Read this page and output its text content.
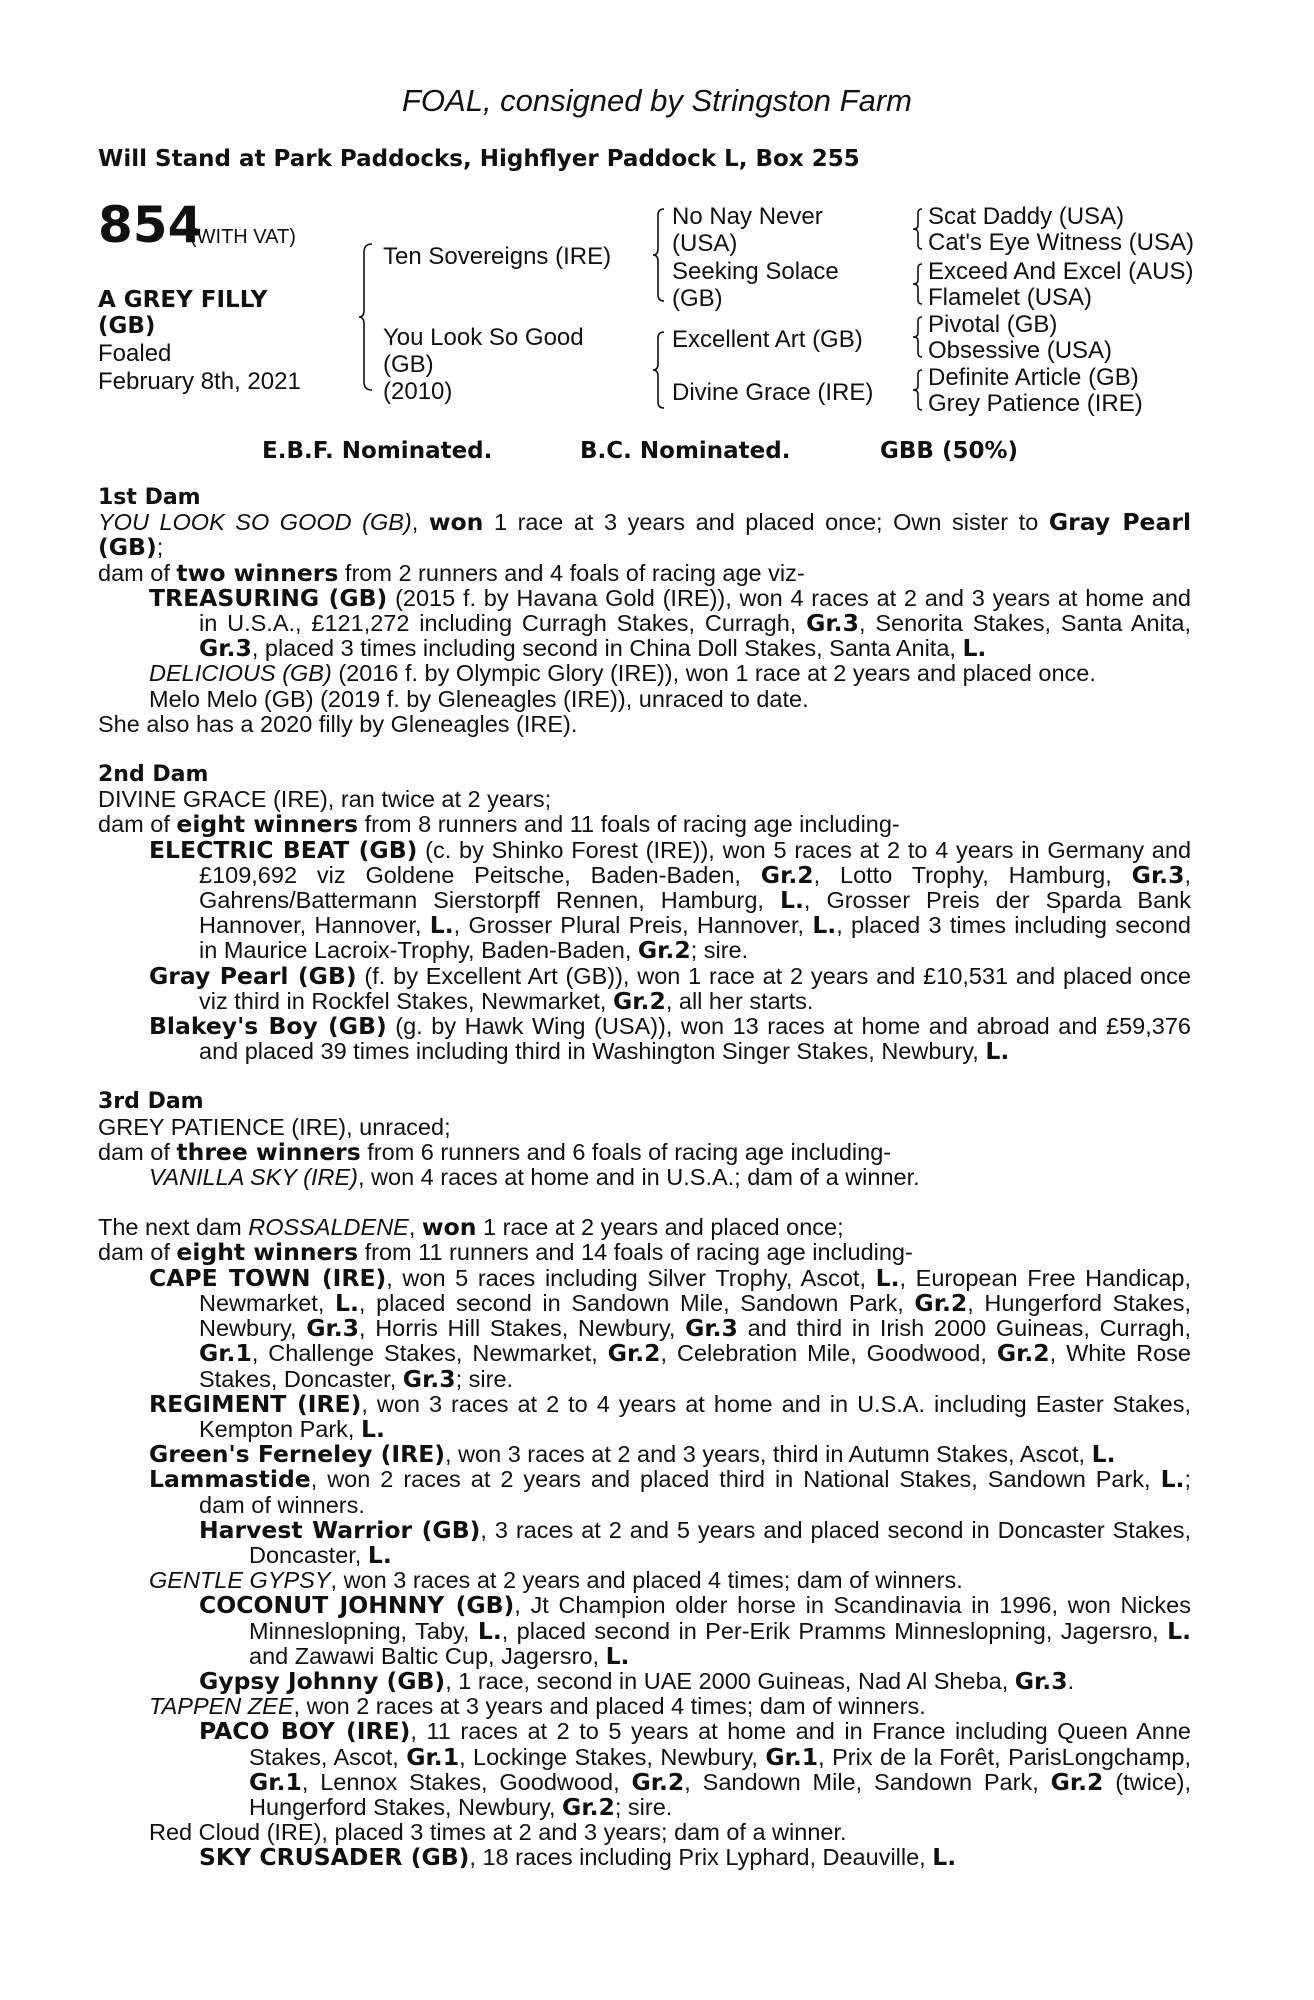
FOAL, consigned by Stringston Farm
Will Stand at Park Paddocks, Highflyer Paddock L, Box 255
854
(WITH VAT)
A GREY FILLY
(GB)
Foaled
February 8th, 2021
Ten Sovereigns (IRE)
You Look So Good
(GB)
(2010)
No Nay Never
(USA)
Seeking Solace
(GB)
Excellent Art (GB)
Divine Grace (IRE)
Scat Daddy (USA)
Cat's Eye Witness (USA)
Exceed And Excel (AUS)
Flamelet (USA)
Pivotal (GB)
Obsessive (USA)
Definite Article (GB)
Grey Patience (IRE)
E.B.F. Nominated.	B.C. Nominated.	GBB (50%)
1st Dam
YOU LOOK SO GOOD (GB), won 1 race at 3 years and placed once; Own sister to Gray Pearl (GB);
dam of two winners from 2 runners and 4 foals of racing age viz-
TREASURING (GB) (2015 f. by Havana Gold (IRE)), won 4 races at 2 and 3 years at home and in U.S.A., £121,272 including Curragh Stakes, Curragh, Gr.3, Senorita Stakes, Santa Anita, Gr.3, placed 3 times including second in China Doll Stakes, Santa Anita, L.
DELICIOUS (GB) (2016 f. by Olympic Glory (IRE)), won 1 race at 2 years and placed once.
Melo Melo (GB) (2019 f. by Gleneagles (IRE)), unraced to date.
She also has a 2020 filly by Gleneagles (IRE).
2nd Dam
DIVINE GRACE (IRE), ran twice at 2 years;
dam of eight winners from 8 runners and 11 foals of racing age including-
ELECTRIC BEAT (GB) (c. by Shinko Forest (IRE)), won 5 races at 2 to 4 years in Germany and £109,692 viz Goldene Peitsche, Baden-Baden, Gr.2, Lotto Trophy, Hamburg, Gr.3, Gahrens/Battermann Sierstorpff Rennen, Hamburg, L., Grosser Preis der Sparda Bank Hannover, Hannover, L., Grosser Plural Preis, Hannover, L., placed 3 times including second in Maurice Lacroix-Trophy, Baden-Baden, Gr.2; sire.
Gray Pearl (GB) (f. by Excellent Art (GB)), won 1 race at 2 years and £10,531 and placed once viz third in Rockfel Stakes, Newmarket, Gr.2, all her starts.
Blakey's Boy (GB) (g. by Hawk Wing (USA)), won 13 races at home and abroad and £59,376 and placed 39 times including third in Washington Singer Stakes, Newbury, L.
3rd Dam
GREY PATIENCE (IRE), unraced;
dam of three winners from 6 runners and 6 foals of racing age including-
VANILLA SKY (IRE), won 4 races at home and in U.S.A.; dam of a winner.
The next dam ROSSALDENE, won 1 race at 2 years and placed once;
dam of eight winners from 11 runners and 14 foals of racing age including-
CAPE TOWN (IRE), won 5 races including Silver Trophy, Ascot, L., European Free Handicap, Newmarket, L., placed second in Sandown Mile, Sandown Park, Gr.2, Hungerford Stakes, Newbury, Gr.3, Horris Hill Stakes, Newbury, Gr.3 and third in Irish 2000 Guineas, Curragh, Gr.1, Challenge Stakes, Newmarket, Gr.2, Celebration Mile, Goodwood, Gr.2, White Rose Stakes, Doncaster, Gr.3; sire.
REGIMENT (IRE), won 3 races at 2 to 4 years at home and in U.S.A. including Easter Stakes, Kempton Park, L.
Green's Ferneley (IRE), won 3 races at 2 and 3 years, third in Autumn Stakes, Ascot, L.
Lammastide, won 2 races at 2 years and placed third in National Stakes, Sandown Park, L.; dam of winners.
Harvest Warrior (GB), 3 races at 2 and 5 years and placed second in Doncaster Stakes, Doncaster, L.
GENTLE GYPSY, won 3 races at 2 years and placed 4 times; dam of winners.
COCONUT JOHNNY (GB), Jt Champion older horse in Scandinavia in 1996, won Nickes Minneslopning, Taby, L., placed second in Per-Erik Pramms Minneslopning, Jagersro, L. and Zawawi Baltic Cup, Jagersro, L.
Gypsy Johnny (GB), 1 race, second in UAE 2000 Guineas, Nad Al Sheba, Gr.3.
TAPPEN ZEE, won 2 races at 3 years and placed 4 times; dam of winners.
PACO BOY (IRE), 11 races at 2 to 5 years at home and in France including Queen Anne Stakes, Ascot, Gr.1, Lockinge Stakes, Newbury, Gr.1, Prix de la Forêt, ParisLongchamp, Gr.1, Lennox Stakes, Goodwood, Gr.2, Sandown Mile, Sandown Park, Gr.2 (twice), Hungerford Stakes, Newbury, Gr.2; sire.
Red Cloud (IRE), placed 3 times at 2 and 3 years; dam of a winner.
SKY CRUSADER (GB), 18 races including Prix Lyphard, Deauville, L.
